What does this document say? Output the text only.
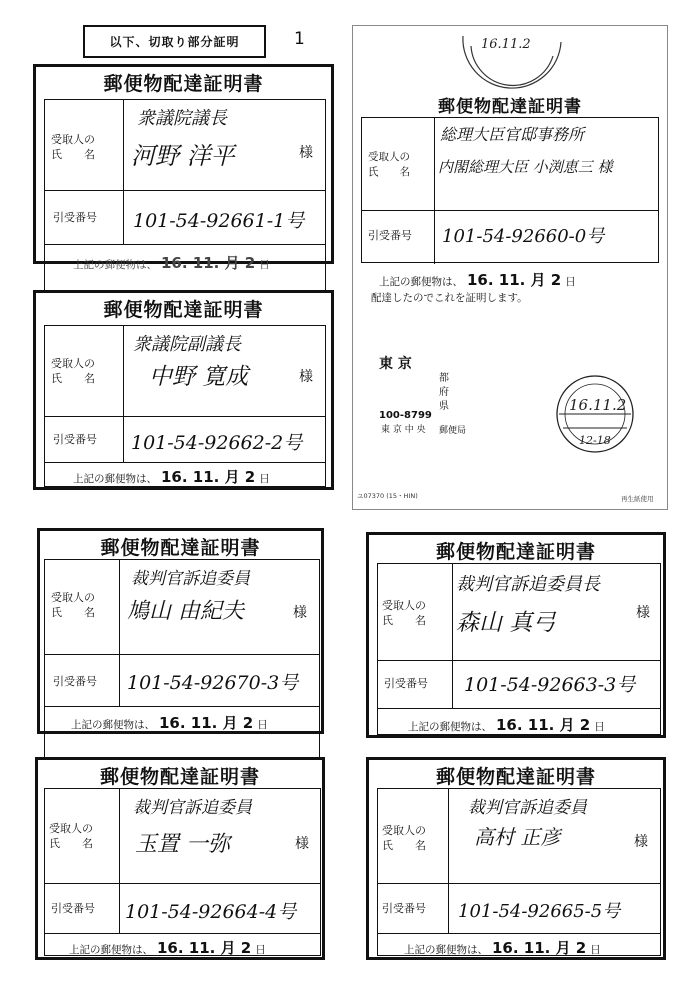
以下、切取り部分証明	1
郵便物配達証明書
受取人の
氏　　名
衆議院議長
河野 洋平	様
引受番号 101-54-92661-1号
上記の郵便物は、 16. 11. 月 2 日
郵便物配達証明書
受取人の
氏　　名
衆議院副議長
中野 寛成	様
引受番号 101-54-92662-2号
上記の郵便物は、 16. 11. 月 2 日
16.11.2
郵便物配達証明書
受取人の
氏　　名
総理大臣官邸事務所
内閣総理大臣 小渕恵三 様
引受番号 101-54-92660-0号
上記の郵便物は、 16. 11. 月 2 日
配達したのでこれを証明します。
東 京
都
府
県
100-8799
東 京 中 央 郵便局
16.11.2
12-18
ユ07370 (15・HIN)	再生紙使用
郵便物配達証明書
受取人の
氏　　名
裁判官訴追委員
鳩山 由紀夫	様
引受番号 101-54-92670-3号
上記の郵便物は、 16. 11. 月 2 日
郵便物配達証明書
受取人の
氏　　名
裁判官訴追委員長
森山 真弓	様
引受番号 101-54-92663-3号
上記の郵便物は、 16. 11. 月 2 日
郵便物配達証明書
受取人の
氏　　名
裁判官訴追委員
玉置 一弥	様
引受番号 101-54-92664-4号
上記の郵便物は、 16. 11. 月 2 日
郵便物配達証明書
受取人の
氏　　名
裁判官訴追委員
高村 正彦	様
引受番号 101-54-92665-5号
上記の郵便物は、 16. 11. 月 2 日
